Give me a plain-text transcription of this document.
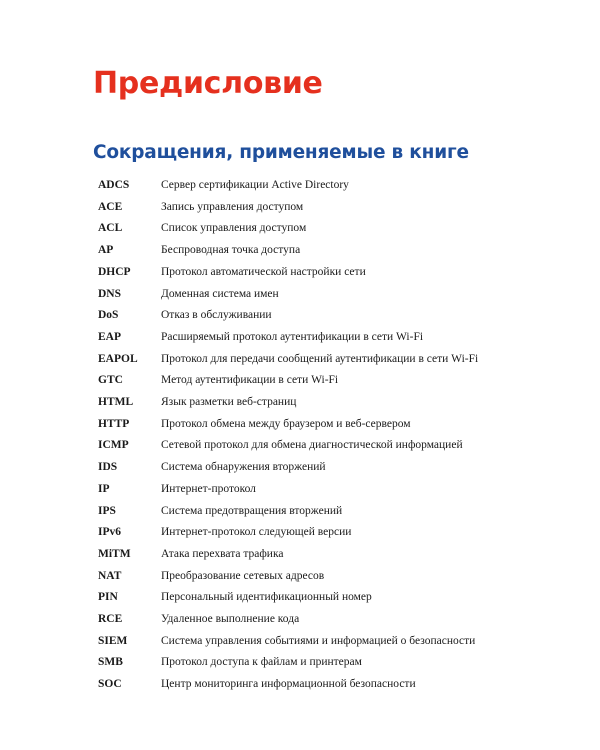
Предисловие
Сокращения, применяемые в книге
ADCS	Сервер сертификации Active Directory
ACE	Запись управления доступом
ACL	Список управления доступом
AP	Беспроводная точка доступа
DHCP	Протокол автоматической настройки сети
DNS	Доменная система имен
DoS	Отказ в обслуживании
EAP	Расширяемый протокол аутентификации в сети Wi-Fi
EAPOL Протокол для передачи сообщений аутентификации в сети Wi-Fi
GTC	Метод аутентификации в сети Wi-Fi
HTML Язык разметки веб-страниц
HTTP	Протокол обмена между браузером и веб-сервером
ICMP	Сетевой протокол для обмена диагностической информацией
IDS	Система обнаружения вторжений
IP	Интернет-протокол
IPS	Система предотвращения вторжений
IPv6	Интернет-протокол следующей версии
MiTM	Атака перехвата трафика
NAT	Преобразование сетевых адресов
PIN	Персональный идентификационный номер
RCE	Удаленное выполнение кода
SIEM	Система управления событиями и информацией о безопасности
SMB	Протокол доступа к файлам и принтерам
SOC	Центр мониторинга информационной безопасности
